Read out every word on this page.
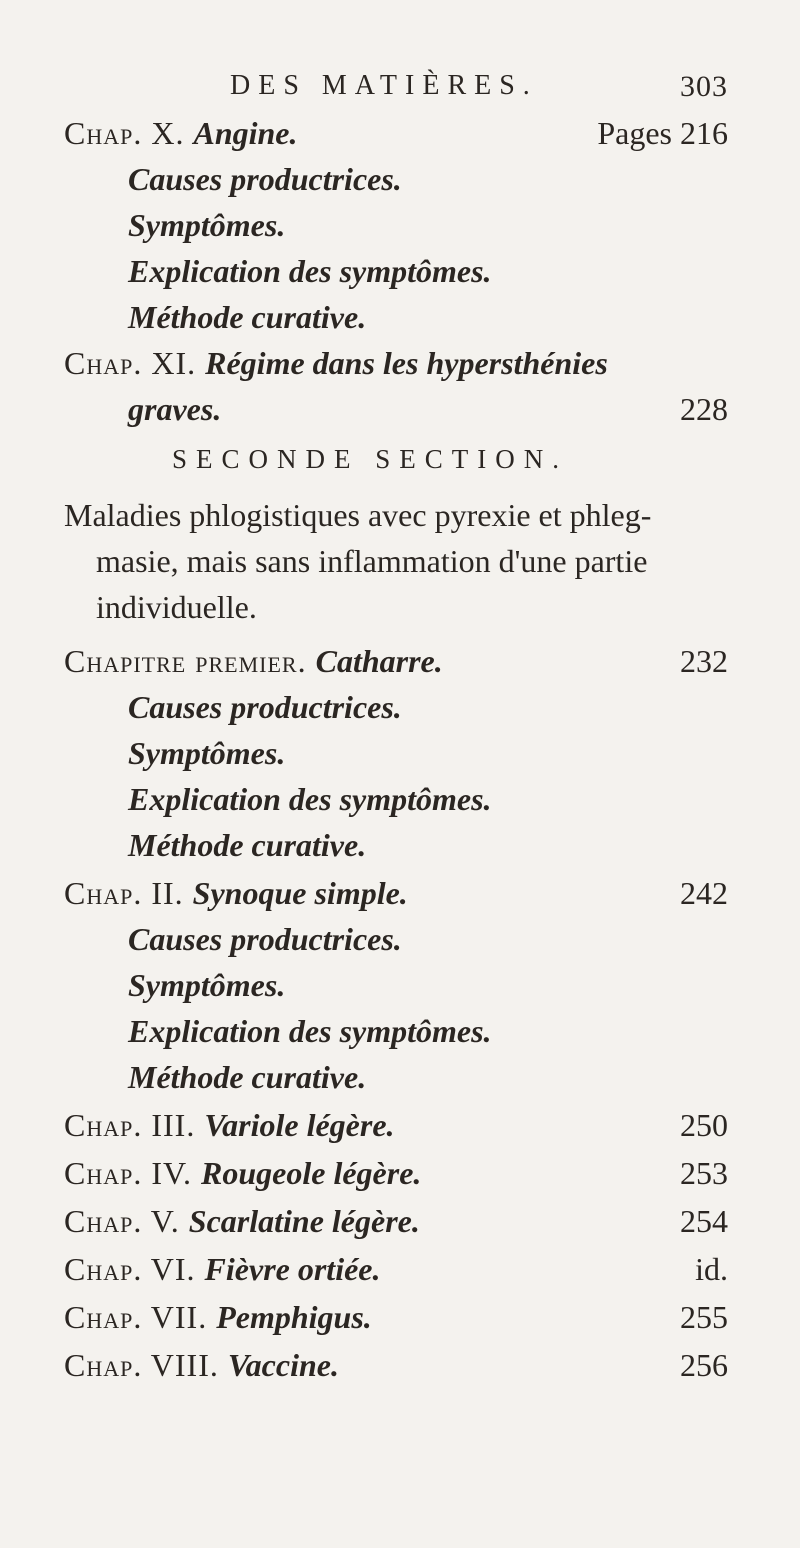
DES MATIÈRES.	303
Chap. X. Angine.	Pages 216
Causes productrices.
Symptômes.
Explication des symptômes.
Méthode curative.
Chap. XI. Régime dans les hypersthénies
graves.	228
SECONDE SECTION.
Maladies phlogistiques avec pyrexie et phleg-
masie, mais sans inflammation d'une partie
individuelle.
Chapitre premier. Catharre.	232
Causes productrices.
Symptômes.
Explication des symptômes.
Méthode curative.
Chap. II. Synoque simple.	242
Causes productrices.
Symptômes.
Explication des symptômes.
Méthode curative.
Chap. III. Variole légère.	250
Chap. IV. Rougeole légère.	253
Chap. V. Scarlatine légère.	254
Chap. VI. Fièvre ortiée.	id.
Chap. VII. Pemphigus.	255
Chap. VIII. Vaccine.	256
